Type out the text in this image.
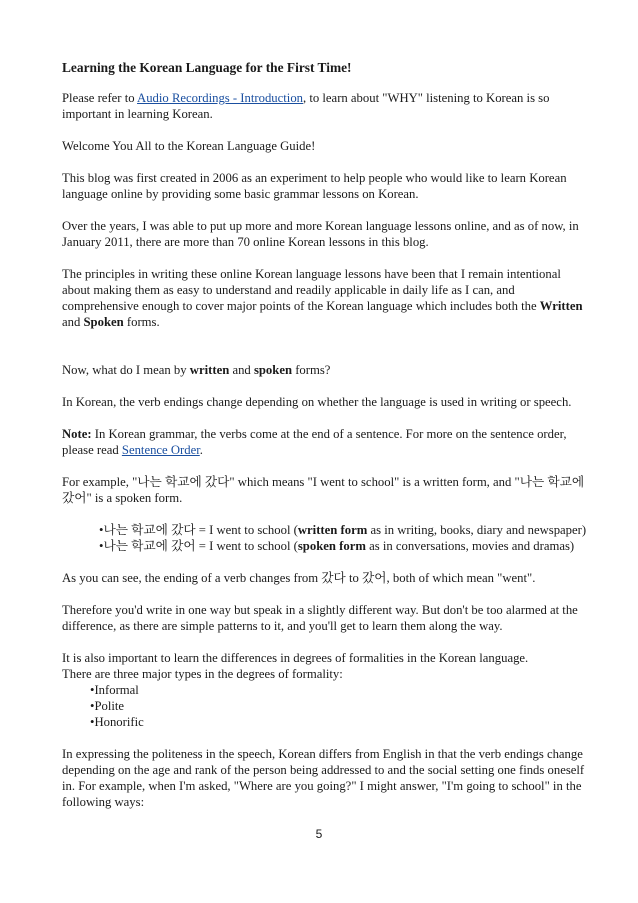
Learning the Korean Language for the First Time!

Please refer to Audio Recordings - Introduction, to learn about "WHY" listening to Korean is so important in learning Korean.

Welcome You All to the Korean Language Guide!

This blog was first created in 2006 as an experiment to help people who would like to learn Korean language online by providing some basic grammar lessons on Korean.

Over the years, I was able to put up more and more Korean language lessons online, and as of now, in January 2011, there are more than 70 online Korean lessons in this blog.

The principles in writing these online Korean language lessons have been that I remain intentional about making them as easy to understand and readily applicable in daily life as I can, and comprehensive enough to cover major points of the Korean language which includes both the Written and Spoken forms.

Now, what do I mean by written and spoken forms?

In Korean, the verb endings change depending on whether the language is used in writing or speech.

Note: In Korean grammar, the verbs come at the end of a sentence. For more on the sentence order, please read Sentence Order.

For example, "나는 학교에 갔다" which means "I went to school" is a written form, and "나는 학교에 갔어" is a spoken form.

•나는 학교에 갔다 = I went to school (written form as in writing, books, diary and newspaper)
•나는 학교에 갔어 = I went to school (spoken form as in conversations, movies and dramas)

As you can see, the ending of a verb changes from 갔다 to 갔어, both of which mean "went".

Therefore you'd write in one way but speak in a slightly different way. But don't be too alarmed at the difference, as there are simple patterns to it, and you'll get to learn them along the way.

It is also important to learn the differences in degrees of formalities in the Korean language.
There are three major types in the degrees of formality:

•Informal
•Polite
•Honorific

In expressing the politeness in the speech, Korean differs from English in that the verb endings change depending on the age and rank of the person being addressed to and the social setting one finds oneself in. For example, when I'm asked, "Where are you going?" I might answer, "I'm going to school" in the following ways:

5
